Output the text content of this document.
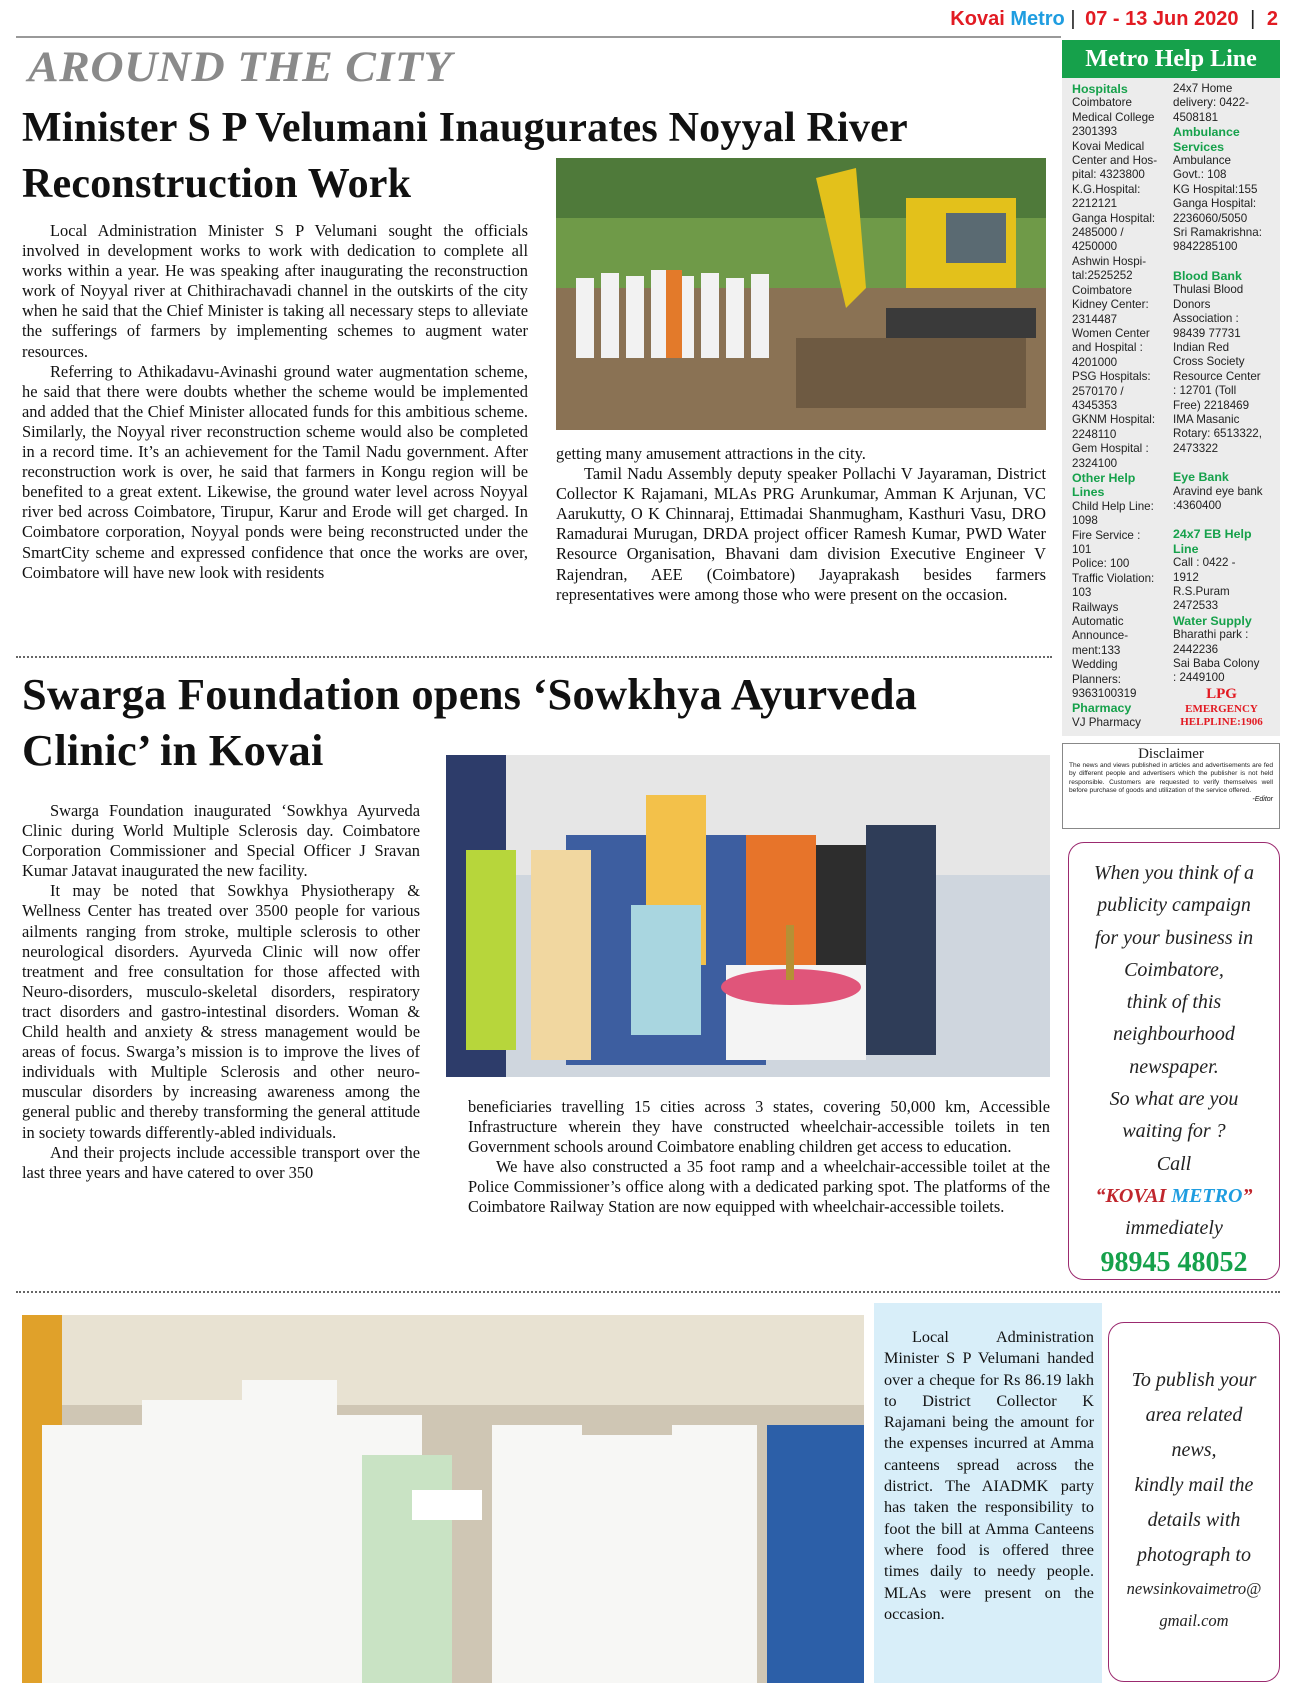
Kovai Metro | 07 - 13 Jun 2020 | 2
AROUND THE CITY
Minister S P Velumani Inaugurates Noyyal River Reconstruction Work

Local Administration Minister S P Velumani sought the officials involved in development works to work with dedication to complete all works within a year. He was speaking after inaugurating the reconstruction work of Noyyal river at Chithirachavadi channel in the outskirts of the city when he said that the Chief Minister is taking all necessary steps to alleviate the sufferings of farmers by implementing schemes to augment water resources.

Referring to Athikadavu-Avinashi ground water augmentation scheme, he said that there were doubts whether the scheme would be implemented and added that the Chief Minister allocated funds for this ambitious scheme. Similarly, the Noyyal river reconstruction scheme would also be completed in a record time. It’s an achievement for the Tamil Nadu government. After reconstruction work is over, he said that farmers in Kongu region will be benefited to a great extent. Likewise, the ground water level across Noyyal river bed across Coimbatore, Tirupur, Karur and Erode will get charged. In Coimbatore corporation, Noyyal ponds were being reconstructed under the SmartCity scheme and expressed confidence that once the works are over, Coimbatore will have new look with residents

getting many amusement attractions in the city.

Tamil Nadu Assembly deputy speaker Pollachi V Jayaraman, District Collector K Rajamani, MLAs PRG Arunkumar, Amman K Arjunan, VC Aarukutty, O K Chinnaraj, Ettimadai Shanmugham, Kasthuri Vasu, DRO Ramadurai Murugan, DRDA project officer Ramesh Kumar, PWD Water Resource Organisation, Bhavani dam division Executive Engineer V Rajendran, AEE (Coimbatore) Jayaprakash besides farmers representatives were among those who were present on the occasion.

Swarga Foundation opens ‘Sowkhya Ayurveda Clinic’ in Kovai

Swarga Foundation inaugurated ‘Sowkhya Ayurveda Clinic during World Multiple Sclerosis day. Coimbatore Corporation Commissioner and Special Officer J Sravan Kumar Jatavat inaugurated the new facility.

It may be noted that Sowkhya Physiotherapy & Wellness Center has treated over 3500 people for various ailments ranging from stroke, multiple sclerosis to other neurological disorders. Ayurveda Clinic will now offer treatment and free consultation for those affected with Neuro-disorders, musculo-skeletal disorders, respiratory tract disorders and gastro-intestinal disorders. Woman & Child health and anxiety & stress management would be areas of focus. Swarga’s mission is to improve the lives of individuals with Multiple Sclerosis and other neuro-muscular disorders by increasing awareness among the general public and thereby transforming the general attitude in society towards differently-abled individuals.

And their projects include accessible transport over the last three years and have catered to over 350

beneficiaries travelling 15 cities across 3 states, covering 50,000 km, Accessible Infrastructure wherein they have constructed wheelchair-accessible toilets in ten Government schools around Coimbatore enabling children get access to education.

We have also constructed a 35 foot ramp and a wheelchair-accessible toilet at the Police Commissioner’s office along with a dedicated parking spot. The platforms of the Coimbatore Railway Station are now equipped with wheelchair-accessible toilets.

Local Administration Minister S P Velumani handed over a cheque for Rs 86.19 lakh to District Collector K Rajamani being the amount for the expenses incurred at Amma canteens spread across the district. The AIADMK party has taken the responsibility to foot the bill at Amma Canteens where food is offered three times daily to needy people. MLAs were present on the occasion.

Metro Help Line
Hospitals
Coimbatore
Medical College
2301393
Kovai Medical
Center and Hos-
pital: 4323800
K.G.Hospital:
2212121
Ganga Hospital:
2485000 /
4250000
Ashwin Hospi-
tal:2525252
Coimbatore
Kidney Center:
2314487
Women Center
and Hospital :
4201000
PSG Hospitals:
2570170 /
4345353
GKNM Hospital:
2248110
Gem Hospital :
2324100
Other Help Lines
Child Help Line:
1098
Fire Service :
101
Police: 100
Traffic Violation:
103
Railways
Automatic
Announce-
ment:133
Wedding
Planners:
9363100319
Pharmacy
VJ Pharmacy
24x7 Home
delivery: 0422-
4508181
Ambulance Services
Ambulance
Govt.: 108
KG Hospital:155
Ganga Hospital:
2236060/5050
Sri Ramakrishna:
9842285100
Blood Bank
Thulasi Blood
Donors
Association :
98439 77731
Indian Red
Cross Society
Resource Center
: 12701 (Toll
Free) 2218469
IMA Masanic
Rotary: 6513322,
2473322
Eye Bank
Aravind eye bank
:4360400
24x7 EB Help Line
Call : 0422 -
1912
R.S.Puram
2472533
Water Supply
Bharathi park :
2442236
Sai Baba Colony
: 2449100
LPG
EMERGENCY HELPLINE:1906
Disclaimer
The news and views published in articles and advertisements are fed by different people and advertisers which the publisher is not held responsible. Customers are requested to verify themselves well before purchase of goods and utilization of the service offered.
-Editor
When you think of a
publicity campaign
for your business in
Coimbatore,
think of this
neighbourhood
newspaper.
So what are you
waiting for ?
Call
“KOVAI METRO”
immediately
98945 48052
To publish your
area related
news,
kindly mail the
details with
photograph to
newsinkovaimetro@
gmail.com
